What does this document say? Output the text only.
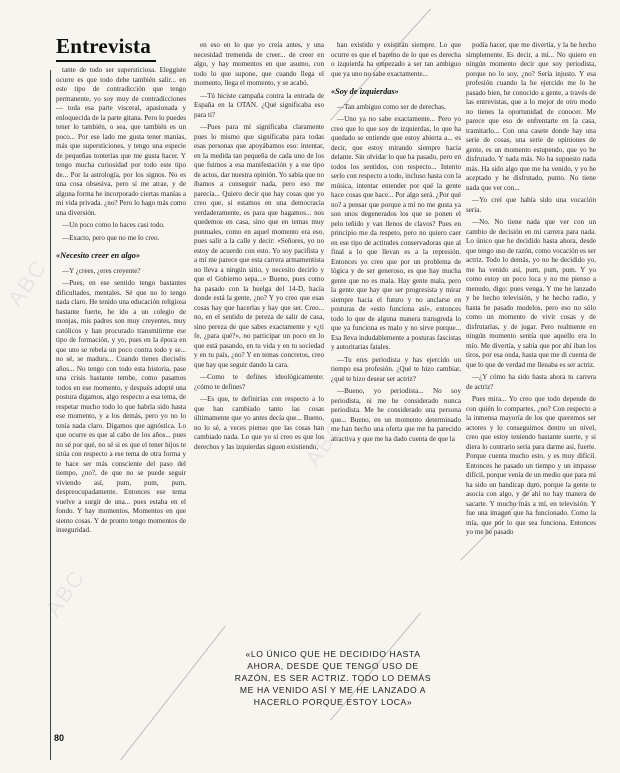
Entrevista

tante de todo ser supersticiosa. Eleggiste ocurre es que todo debe también salir... en este tipo de contradicción que tengo permanente, yo soy muy de contradicciones— toda esa parte visceral, apasionada y enloquecida de la parte gitana. Pero lo puedes tener lo también, o sea, que también es un poco... Por ese lado me gusta tener manías, más que supersticiones, y tengo una especie de pequeñas tonterías que me gusta hacer. Y tengo mucha curiosidad por todo este tipo de... Por la astrología, por los signos. No es una cosa obsesiva, pero sí me atrae, y de alguna forma he incorporado ciertas manías a mi vida privada. ¿no? Pero lo hago más como una diversión.

—Un poco como lo haces casi todo.

—Exacto, pero que no me lo creo.

«Necesito creer en algo»

—Y ¿crees, ¿eres creyente?

—Pues, en ese sentido tengo bastantes dificultades, mentales. Sé que no lo tengo nada claro. He tenido una educación religiosa bastante fuerte, he ido a un colegio de monjas, mis padres son muy creyentes, muy católicos y han procurado transmitirme ese tipo de formación, y yo, pues en la época en que uno se rebela un poco contra todo y se... no sé, se madura... Cuando tienes dieciséis años... No tengo con todo esta historia, pase una crisis bastante tembe, como pasamos todos en ese momento, y después adopté una postura digamos, algo respecto a esa tema, de respetar mucho todo lo que habría sido hasta ese momento, y a los demás, pero yo no lo tenía nada claro. Digamos que agnóstica. Lo que ocurre es que al cabo de los años... pues no sé por qué, no sé si es que el tener hijos te sitúa con respecto a ese tema de otra forma y te hace ser más consciente del paso del tiempo, ¿no?, de que no se puede seguir viviendo así, pum, pum, pum, despreocupadamente. Entonces ese tema vuelve a surgir de una... pues estaba en el fondo. Y hay momentos, Momentos en que siento cosas. Y de pronto tengo momentos de inseguridad.

en eso en lo que yo creía antes, y una necesidad tremenda de creer... de creer en algo, y hay momentos en que asumo, con todo lo que supone, que cuando llega el momento, llega el momento, y se acabó.

—Tú hiciste campaña contra la entrada de España en la OTAN. ¿Qué significaba eso para ti?

—Pues para mí significaba claramente pues lo mismo que significaba para todas esas personas que apoyábamos eso: intentar, en la medida tan pequeña de cada uno de los que fuimos a esa manifestación y a ese tipo de actos, dar nuestra opinión. Yo sabía que no íbamos a conseguir nada, pero eso me parecía... Quiero decir que hay cosas que yo creo que, si estamos en una democracia verdaderamente, es para que hagamos... nos quedemos en casa, sino que en temas muy puntuales, como en aquel momento era eso, pues salir a la calle y decir: «Señores, yo no estoy de acuerdo con esto. Yo soy pacifista y a mí me parece que esta carrera armamentista no lleva a ningún sitio, y necesito decirlo y que el Gobierno sepa...» Bueno, pues como ha pasado con la huelga del 14-D, hacía donde está la gente, ¿no? Y yo creo que esas cosas hay que hacerlas y hay que ser. Creo... no, en el sentido de pereza de salir de casa, sino pereza de que sabes exactamente y «¿ti fe, ¿para qué?», no participar un poco en lo que está pasando, en tu vida y en tu sociedad y en tu país, ¿no? Y en temas concretos, creo que hay que seguir dando la cara.

—Como te defines ideológicamente: ¿cómo te defines?

—Es que, te definirías con respecto a lo que han cambiado tanto las cosas últimamente que yo antes decía que... Bueno, no lo sé, a veces pienso que las cosas han cambiado nada. Lo que yo sí creo es que los derechos y las izquierdas siguen existiendo,

han existido y existirán siempre. Lo que ocurre es que el baremo de lo que es derecha o izquierda ha empezado a ser tan ambiguo que ya uno no sabe exactamente...

«Soy de izquierdas»

—Tan ambiguo como ser de derechas.

—Uno ya no sabe exactamente... Pero yo creo que lo que soy de izquierdas, lo que ha quedado se entiende que estoy abierta a... es decir, que estoy mirando siempre hacia delante. Sin olvidar lo que ha pasado, pero en todos los sentidos, con respecto... Intento serlo con respecto a todo, incluso hasta con la música, intentar entender por qué la gente hace cosas que hace... Por algo será. ¿Por qué no? a pensar que porque a mí no me gusta ya son unos degenerados los que se ponen el pelo teñido y van llenos de clavos? Pues en principio me da respeto, pero no quiero caer en ese tipo de actitudes conservadoras que al final a lo que llevan es a la represión. Entonces yo creo que por un problema de lógica y de ser generoso, es que hay mucha gente que no es mala. Hay gente mala, pero la gente que hay que ser progresista y mirar siempre hacia el futuro y no anclarse en posturas de «esto funciona así», entonces todo lo que de alguna manera transgreda lo que ya funciona es malo y no sirve porque... Esa lleva indudablemente a posturas fascistas y autoritarias fatales.

—Tu eres periodista y has ejercido un tiempo esa profesión. ¿Qué te hizo cambiar, ¿qué te hizo desear ser actriz?

—Bueno, yo periodista... No soy periodista, ni me he considerado nunca periodista. Me he considerado una persona que... Bueno, en un momento determinado me han hecho una oferta que me ha parecido atractiva y que me ha dado cuenta de que la

podía hacer, que me divertía, y la he hecho simplemente. Es decir, a mí... No quiero en ningún momento decir que soy periodista, porque no lo soy, ¿no? Sería injusto. Y esa profesión cuando la he ejercido me lo he pasado bien, he conocido a gente, a través de las entrevistas, que a lo mejor de otro modo no tienes la oportunidad de conocer. Me parece que eso de enfrentarte en la casa, tramitarlo... Con una casete donde hay una serie de cosas, una serie de opiniones de gente, es un momento estupendo, que yo he disfrutado. Y nada más. No ha supuesto nada más. Ha sido algo que me ha venido, y yo he aceptado y he disfrutado, punto. No tiene nada que ver con...

—Yo creí que había sido una vocación seria.

—No. No tiene nada que ver con un cambio de decisión en mi carrera para nada. Lo único que he decidido hasta ahora, desde que tengo uso de razón, como vocación es ser actriz. Todo lo demás, yo no he decidido yo, me ha venido así, pum, pum, pum. Y yo como estoy un poco loca y no me pienso a menudo, digo: pues venga. Y me he lanzado y he hecho televisión, y he hecho radio, y hasta he pasado modelos, pero eso no sólo como un momento de vivir cosas y de disfrutarlas, y de jugar. Pero realmente en ningún momento sentía que aquello era lo mío. Me divertía, y sabía que por ahí iban los tiros, por esa onda, hasta que me di cuenta de que lo que de verdad me llenaba es ser actriz.

—¿Y cómo ha sido hasta ahora tu carrera de actriz?

Pues mira... Yo creo que todo depende de con quién lo compartes, ¿no? Con respecto a la inmensa mayoría de los que queremos ser actores y lo conseguimos dentro un nivel, creo que estoy teniendo bastante suerte, y si diera lo contrario sería para darme asi, fuerte. Porque cuenta mucho esto, y es muy difícil. Entonces he pasado un tiempo y un impasse difícil, porque venía de un medio que para mí ha sido un handicap duro, porque la gente te asocia con algo, y de ahí no hay manera de sacarte. Y mucho más a mí, en televisión. Y fue una imagen que ha funcionado. Como la mía, que por lo que sea funciona. Entonces yo me he pasado

«LO ÚNICO QUE HE DECIDIDO HASTA AHORA, DESDE QUE TENGO USO DE RAZÓN, ES SER ACTRIZ. TODO LO DEMÁS ME HA VENIDO ASÍ Y ME HE LANZADO A HACERLO PORQUE ESTOY LOCA»
80
ABC
ABC
ABC
